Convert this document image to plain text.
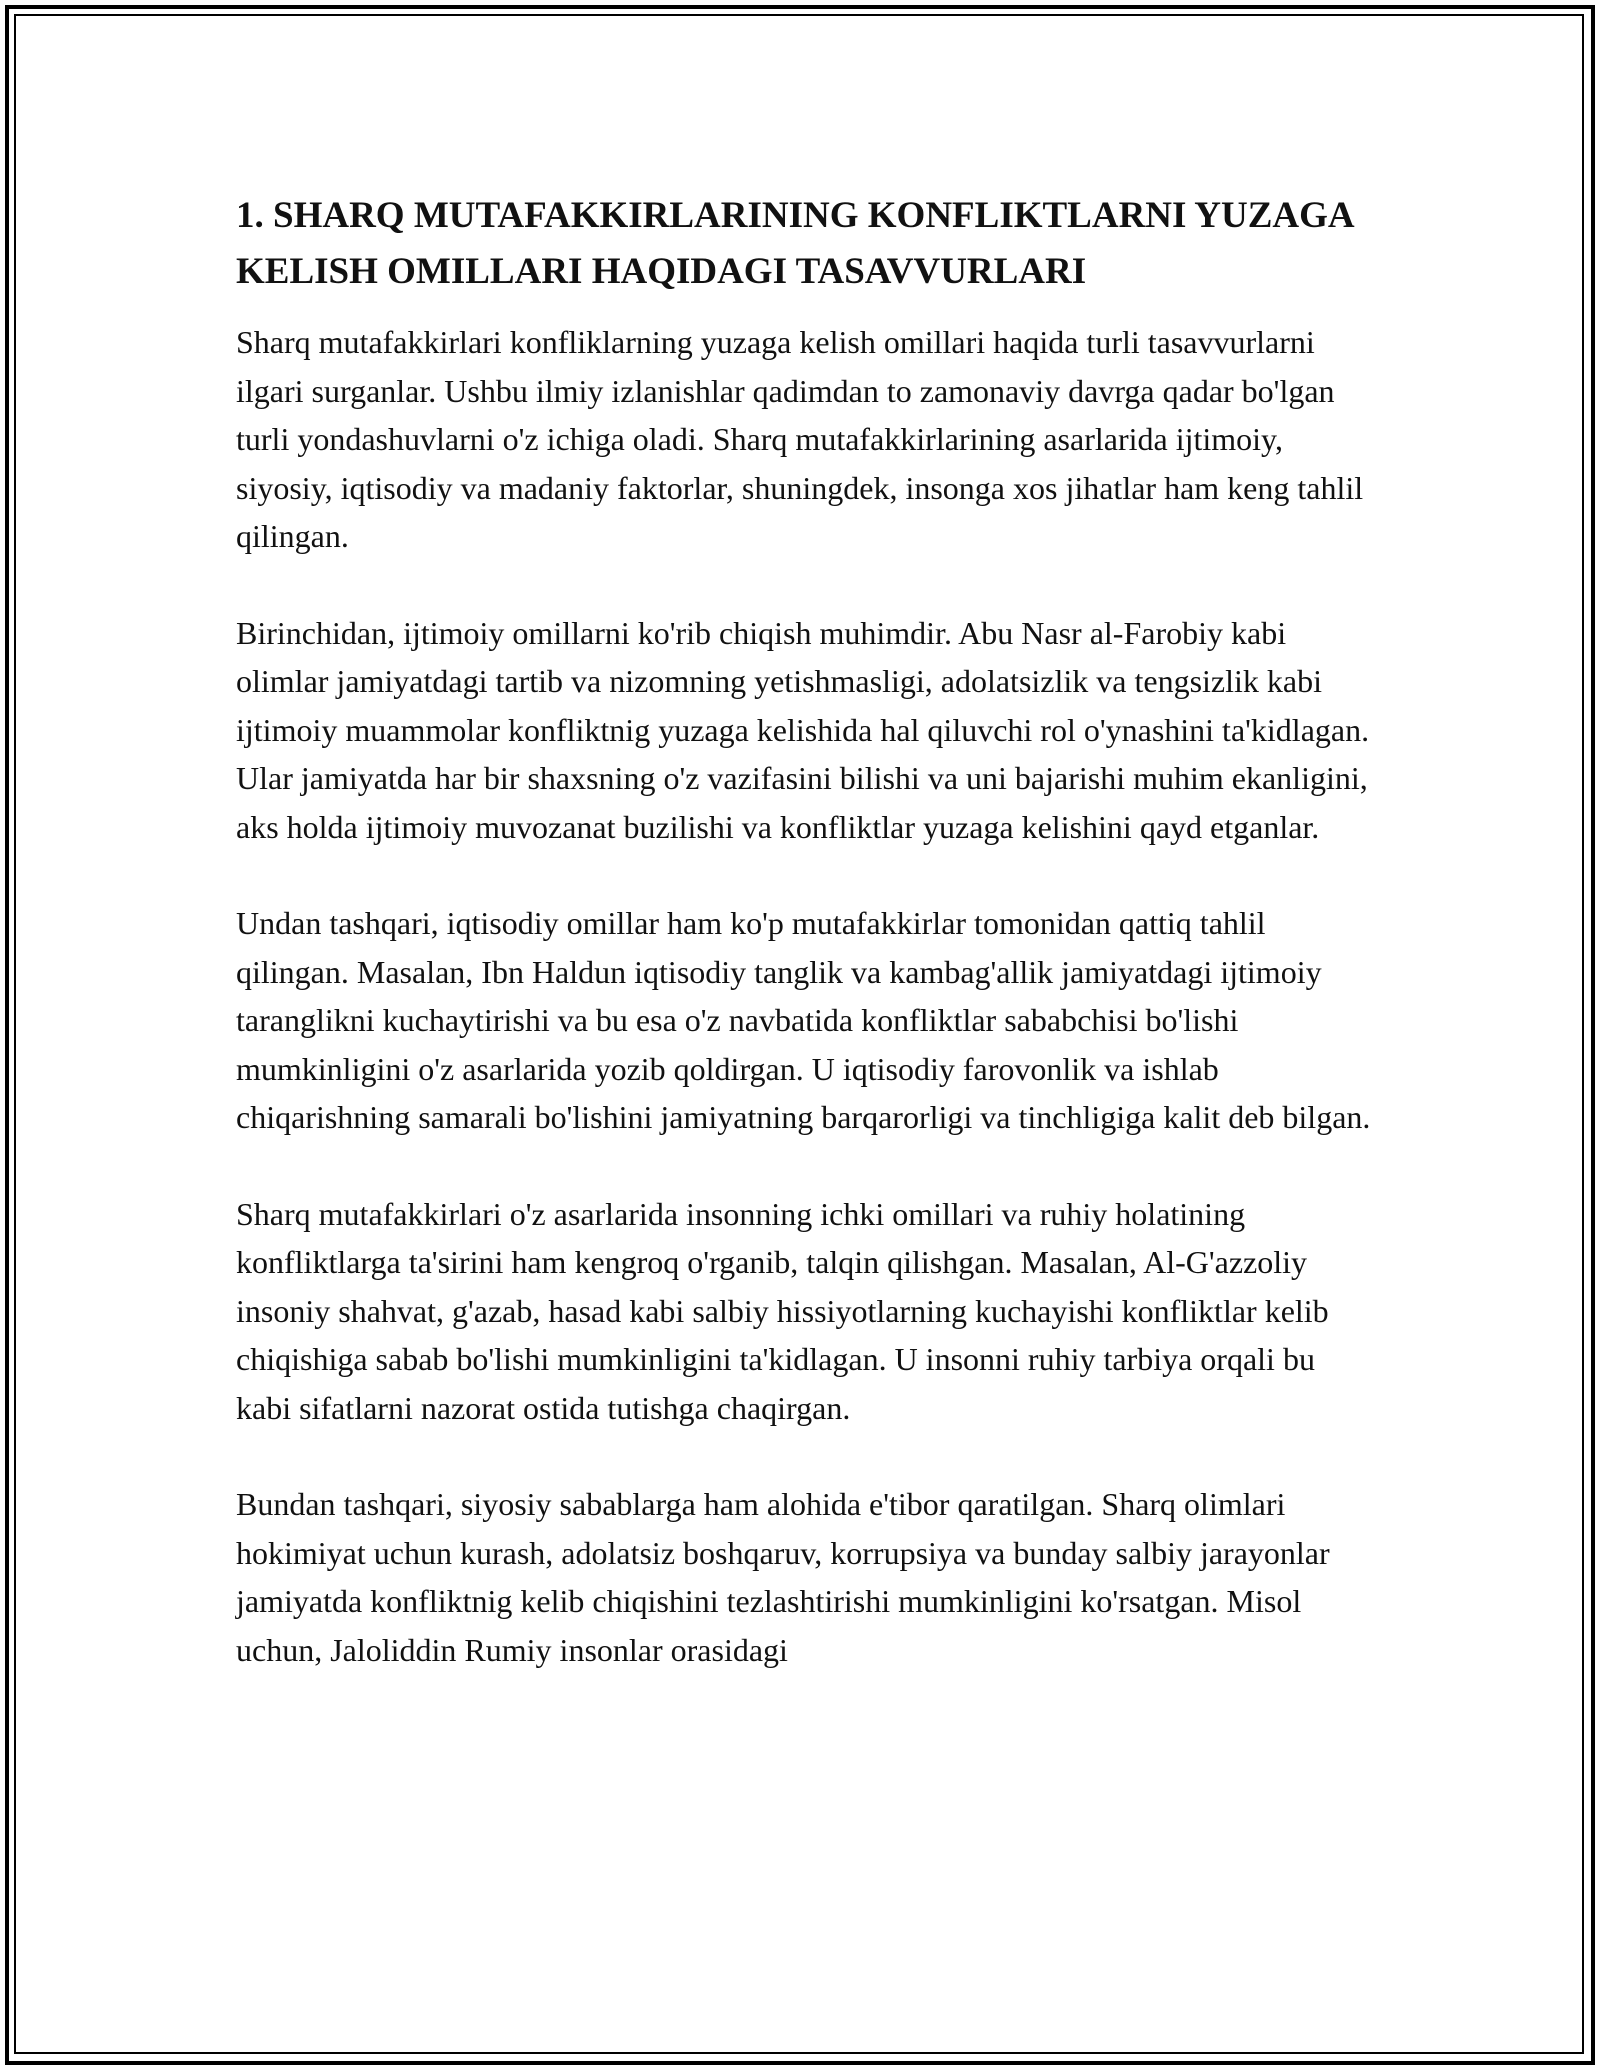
1. SHARQ MUTAFAKKIRLARINING KONFLIKTLARNI YUZAGA KELISH OMILLARI HAQIDAGI TASAVVURLARI

Sharq mutafakkirlari konfliklarning yuzaga kelish omillari haqida turli tasavvurlarni ilgari surganlar. Ushbu ilmiy izlanishlar qadimdan to zamonaviy davrga qadar bo'lgan turli yondashuvlarni o'z ichiga oladi. Sharq mutafakkirlarining asarlarida ijtimoiy, siyosiy, iqtisodiy va madaniy faktorlar, shuningdek, insonga xos jihatlar ham keng tahlil qilingan.

Birinchidan, ijtimoiy omillarni ko'rib chiqish muhimdir. Abu Nasr al-Farobiy kabi olimlar jamiyatdagi tartib va nizomning yetishmasligi, adolatsizlik va tengsizlik kabi ijtimoiy muammolar konfliktnig yuzaga kelishida hal qiluvchi rol o'ynashini ta'kidlagan. Ular jamiyatda har bir shaxsning o'z vazifasini bilishi va uni bajarishi muhim ekanligini, aks holda ijtimoiy muvozanat buzilishi va konfliktlar yuzaga kelishini qayd etganlar.

Undan tashqari, iqtisodiy omillar ham ko'p mutafakkirlar tomonidan qattiq tahlil qilingan. Masalan, Ibn Haldun iqtisodiy tanglik va kambag'allik jamiyatdagi ijtimoiy taranglikni kuchaytirishi va bu esa o'z navbatida konfliktlar sababchisi bo'lishi mumkinligini o'z asarlarida yozib qoldirgan. U iqtisodiy farovonlik va ishlab chiqarishning samarali bo'lishini jamiyatning barqarorligi va tinchligiga kalit deb bilgan.

Sharq mutafakkirlari o'z asarlarida insonning ichki omillari va ruhiy holatining konfliktlarga ta'sirini ham kengroq o'rganib, talqin qilishgan. Masalan, Al-G'azzoliy insoniy shahvat, g'azab, hasad kabi salbiy hissiyotlarning kuchayishi konfliktlar kelib chiqishiga sabab bo'lishi mumkinligini ta'kidlagan. U insonni ruhiy tarbiya orqali bu kabi sifatlarni nazorat ostida tutishga chaqirgan.

Bundan tashqari, siyosiy sabablarga ham alohida e'tibor qaratilgan. Sharq olimlari hokimiyat uchun kurash, adolatsiz boshqaruv, korrupsiya va bunday salbiy jarayonlar jamiyatda konfliktnig kelib chiqishini tezlashtirishi mumkinligini ko'rsatgan. Misol uchun, Jaloliddin Rumiy insonlar orasidagi
